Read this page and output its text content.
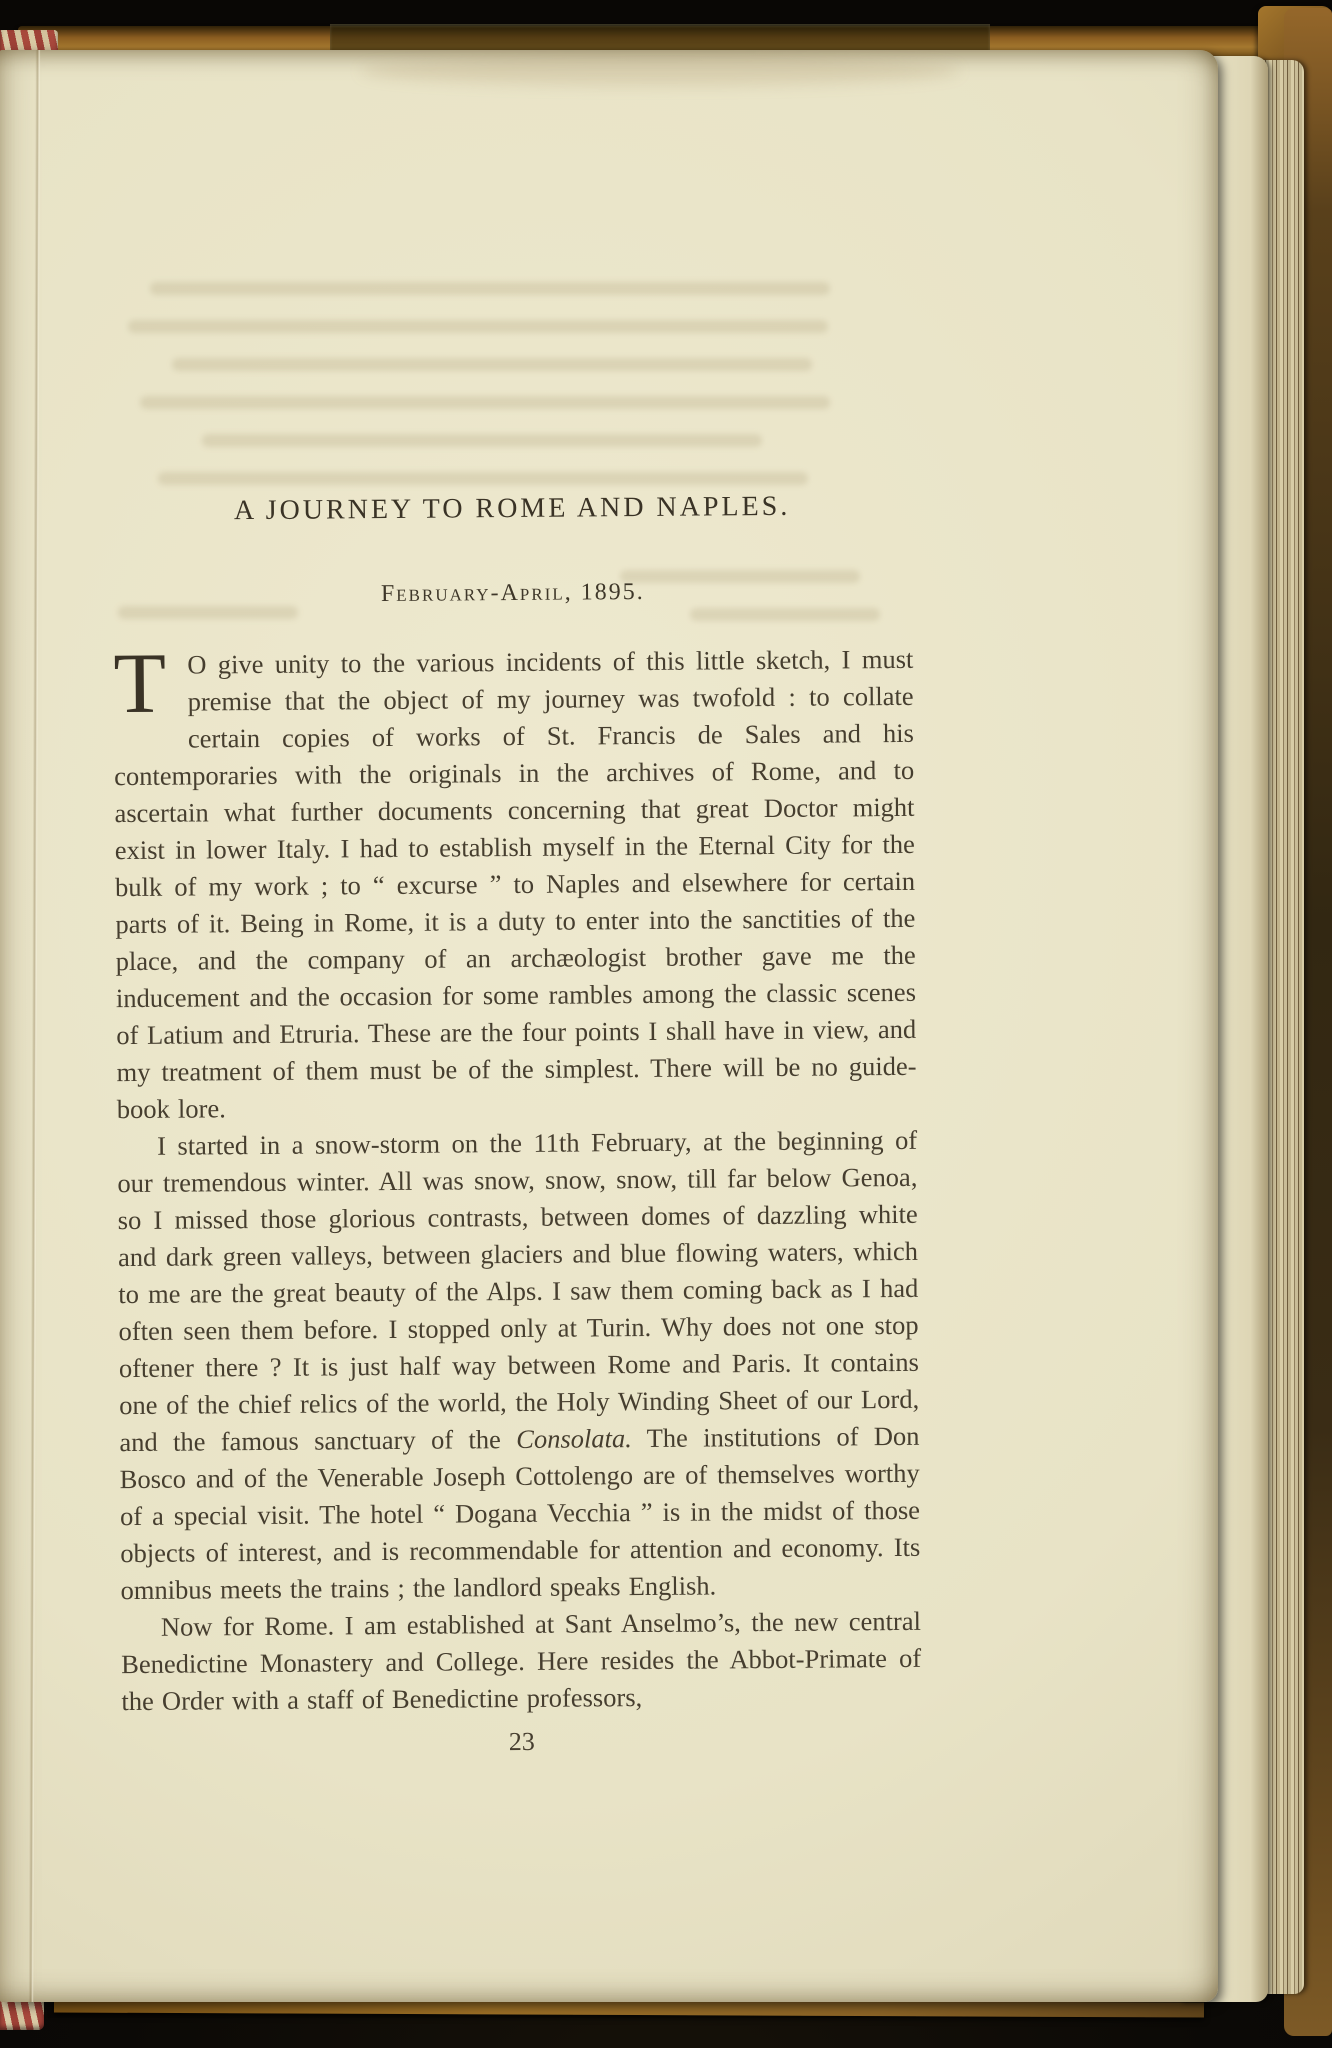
A JOURNEY TO ROME AND NAPLES.
February-April, 1895.

T O give unity to the various incidents of this little sketch, I must premise that the object of my journey was twofold : to collate certain copies of works of St. Francis de Sales and his contemporaries with the originals in the archives of Rome, and to ascertain what further documents concerning that great Doctor might exist in lower Italy. I had to establish myself in the Eternal City for the bulk of my work ; to “ excurse ” to Naples and elsewhere for certain parts of it. Being in Rome, it is a duty to enter into the sanctities of the place, and the company of an archæologist brother gave me the inducement and the occasion for some rambles among the classic scenes of Latium and Etruria. These are the four points I shall have in view, and my treatment of them must be of the simplest. There will be no guide-book lore.

I started in a snow-storm on the 11th February, at the beginning of our tremendous winter. All was snow, snow, snow, till far below Genoa, so I missed those glorious contrasts, between domes of dazzling white and dark green valleys, between glaciers and blue flowing waters, which to me are the great beauty of the Alps. I saw them coming back as I had often seen them before. I stopped only at Turin. Why does not one stop oftener there ? It is just half way between Rome and Paris. It contains one of the chief relics of the world, the Holy Winding Sheet of our Lord, and the famous sanctuary of the Consolata. The institutions of Don Bosco and of the Venerable Joseph Cottolengo are of themselves worthy of a special visit. The hotel “ Dogana Vecchia ” is in the midst of those objects of interest, and is recommendable for attention and economy. Its omnibus meets the trains ; the landlord speaks English.

Now for Rome. I am established at Sant Anselmo’s, the new central Benedictine Monastery and College. Here resides the Abbot-Primate of the Order with a staff of Benedictine professors,

23
